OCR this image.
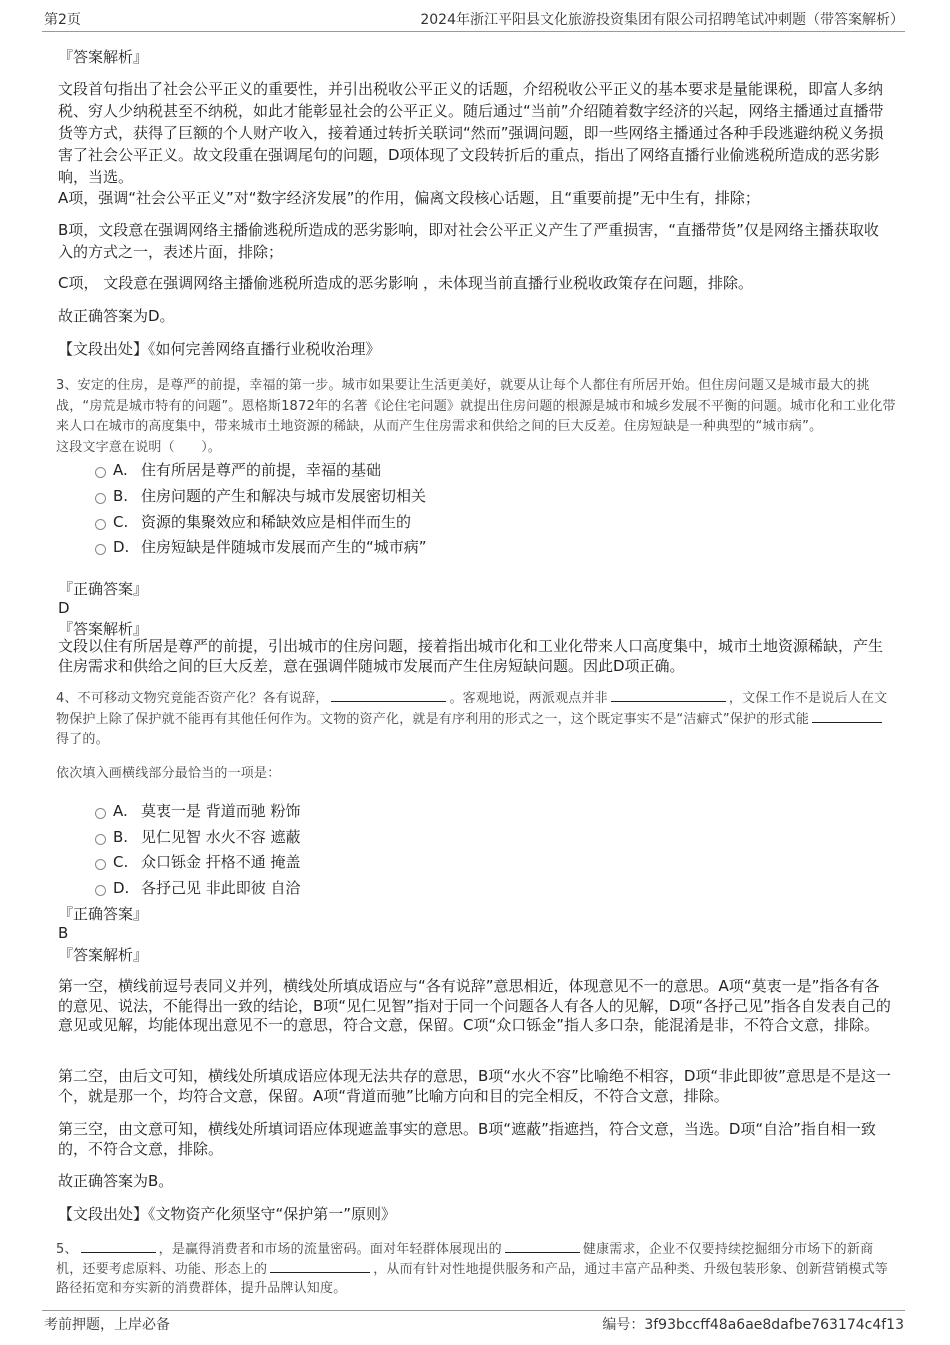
第2页	2024年浙江平阳县文化旅游投资集团有限公司招聘笔试冲刺题（带答案解析）
『答案解析』
文段首句指出了社会公平正义的重要性，并引出税收公平正义的话题，介绍税收公平正义的基本要求是量能课税，即富人多纳税、穷人少纳税甚至不纳税，如此才能彰显社会的公平正义。随后通过“当前”介绍随着数字经济的兴起，网络主播通过直播带货等方式，获得了巨额的个人财产收入，接着通过转折关联词“然而”强调问题，即一些网络主播通过各种手段逃避纳税义务损害了社会公平正义。故文段重在强调尾句的问题，D项体现了文段转折后的重点，指出了网络直播行业偷逃税所造成的恶劣影响，当选。
A项，强调“社会公平正义”对“数字经济发展”的作用，偏离文段核心话题，且“重要前提”无中生有，排除；
B项，文段意在强调网络主播偷逃税所造成的恶劣影响，即对社会公平正义产生了严重损害，“直播带货”仅是网络主播获取收入的方式之一，表述片面，排除；
C项， 文段意在强调网络主播偷逃税所造成的恶劣影响 ，未体现当前直播行业税收政策存在问题，排除。
故正确答案为D。
【文段出处】《如何完善网络直播行业税收治理》
3、安定的住房，是尊严的前提，幸福的第一步。城市如果要让生活更美好，就要从让每个人都住有所居开始。但住房问题又是城市最大的挑战，“房荒是城市特有的问题”。恩格斯1872年的名著《论住宅问题》就提出住房问题的根源是城市和城乡发展不平衡的问题。城市化和工业化带来人口在城市的高度集中，带来城市土地资源的稀缺，从而产生住房需求和供给之间的巨大反差。住房短缺是一种典型的“城市病”。
这段文字意在说明（　　）。
A. 住有所居是尊严的前提，幸福的基础
B. 住房问题的产生和解决与城市发展密切相关
C. 资源的集聚效应和稀缺效应是相伴而生的
D. 住房短缺是伴随城市发展而产生的“城市病”
『正确答案』
D
『答案解析』
文段以住有所居是尊严的前提，引出城市的住房问题，接着指出城市化和工业化带来人口高度集中，城市土地资源稀缺，产生住房需求和供给之间的巨大反差，意在强调伴随城市发展而产生住房短缺问题。因此D项正确。
4、不可移动文物究竟能否资产化？各有说辞，	。客观地说，两派观点并非	，文保工作不是说后人在文物保护上除了保护就不能再有其他任何作为。文物的资产化，就是有序利用的形式之一，这个既定事实不是“洁癖式”保护的形式能得了的。
依次填入画横线部分最恰当的一项是：
A. 莫衷一是 背道而驰 粉饰
B. 见仁见智 水火不容 遮蔽
C. 众口铄金 扞格不通 掩盖
D. 各抒己见 非此即彼 自洽
『正确答案』
B
『答案解析』
第一空，横线前逗号表同义并列，横线处所填成语应与“各有说辞”意思相近，体现意见不一的意思。A项“莫衷一是”指各有各的意见、说法，不能得出一致的结论，B项“见仁见智”指对于同一个问题各人有各人的见解，D项“各抒己见”指各自发表自己的意见或见解，均能体现出意见不一的意思，符合文意，保留。C项“众口铄金”指人多口杂，能混淆是非，不符合文意，排除。
第二空，由后文可知，横线处所填成语应体现无法共存的意思，B项“水火不容”比喻绝不相容，D项“非此即彼”意思是不是这一个，就是那一个，均符合文意，保留。A项“背道而驰”比喻方向和目的完全相反，不符合文意，排除。
第三空，由文意可知，横线处所填词语应体现遮盖事实的意思。B项“遮蔽”指遮挡，符合文意，当选。D项“自洽”指自相一致的，不符合文意，排除。
故正确答案为B。
【文段出处】《文物资产化须坚守“保护第一”原则》
5、	，是赢得消费者和市场的流量密码。面对年轻群体展现出的	健康需求，企业不仅要持续挖掘细分市场下的新商机，还要考虑原料、功能、形态上的	，从而有针对性地提供服务和产品，通过丰富产品种类、升级包装形象、创新营销模式等路径拓宽和夯实新的消费群体，提升品牌认知度。
考前押题，上岸必备	编号：3f93bccff48a6ae8dafbe763174c4f13
